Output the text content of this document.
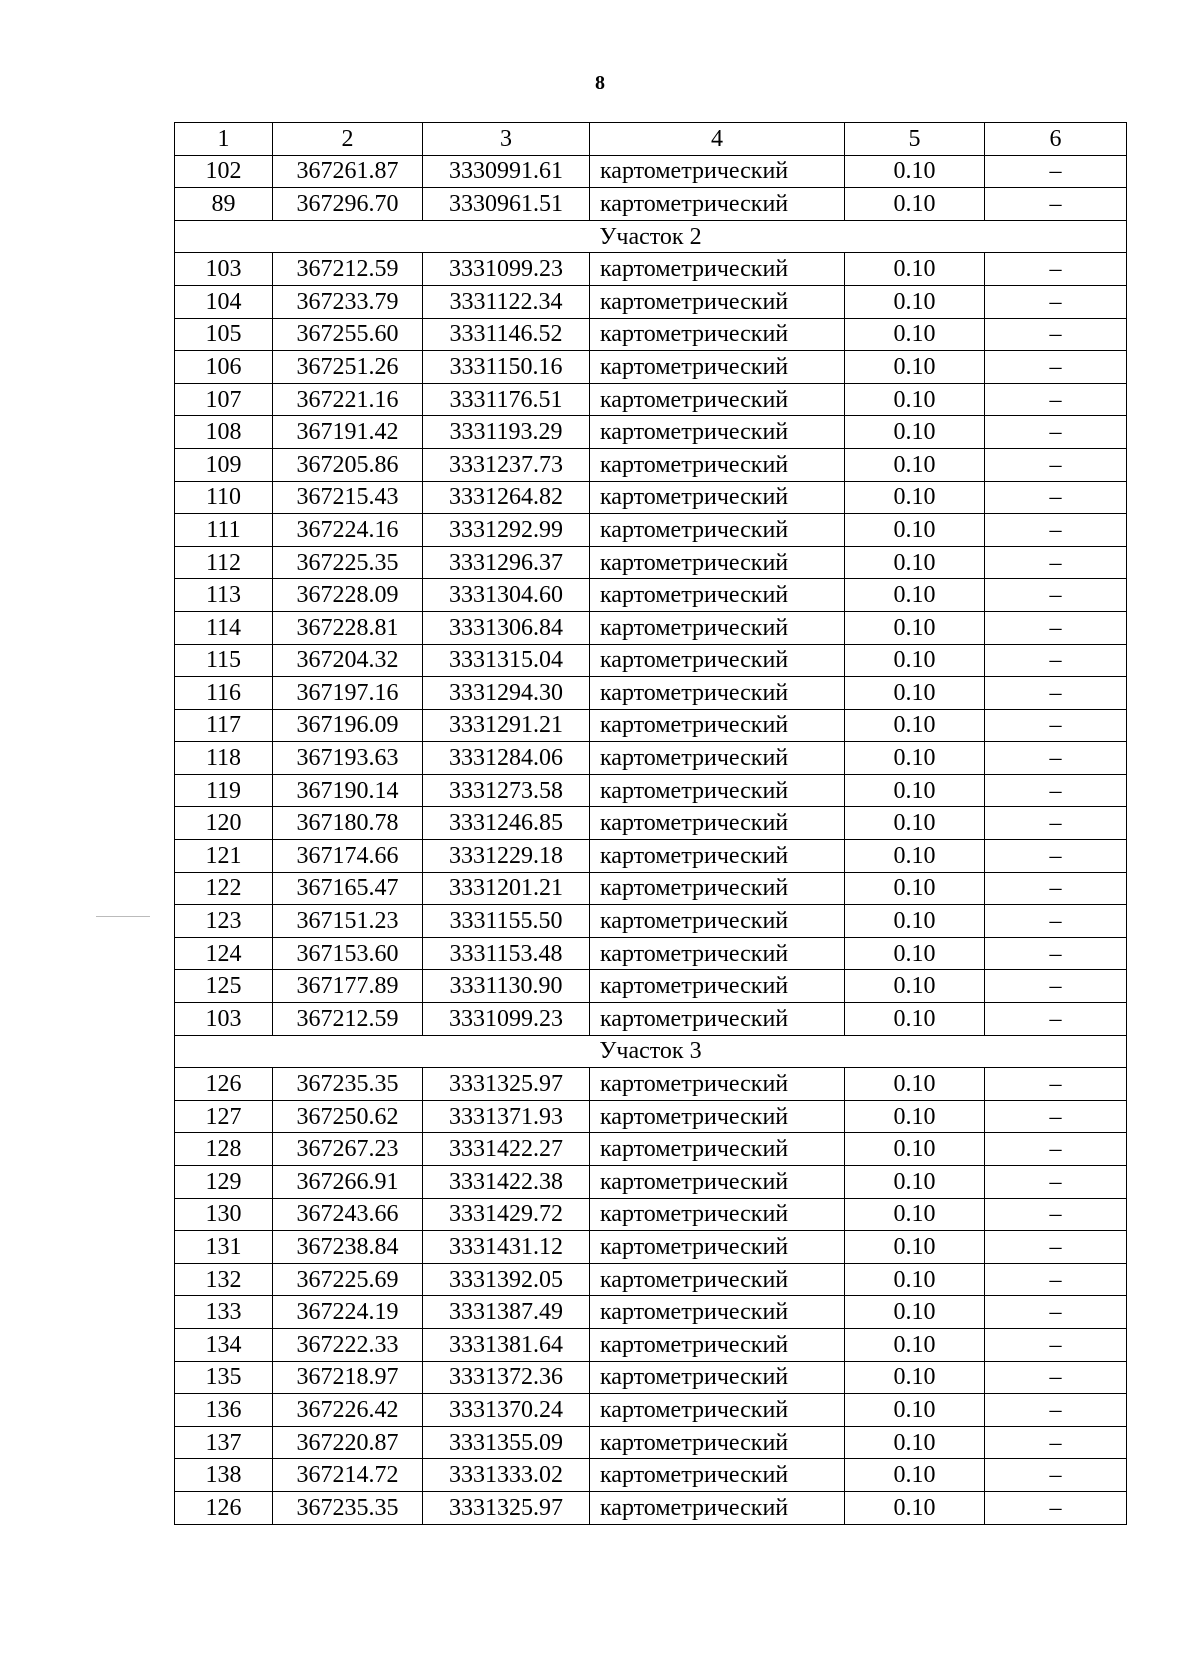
8
1	2	3	4	5	6
102	367261.87	3330991.61	картометрический	0.10	–
89	367296.70	3330961.51	картометрический	0.10	–
Участок 2					
103	367212.59	3331099.23	картометрический	0.10	–
104	367233.79	3331122.34	картометрический	0.10	–
105	367255.60	3331146.52	картометрический	0.10	–
106	367251.26	3331150.16	картометрический	0.10	–
107	367221.16	3331176.51	картометрический	0.10	–
108	367191.42	3331193.29	картометрический	0.10	–
109	367205.86	3331237.73	картометрический	0.10	–
110	367215.43	3331264.82	картометрический	0.10	–
111	367224.16	3331292.99	картометрический	0.10	–
112	367225.35	3331296.37	картометрический	0.10	–
113	367228.09	3331304.60	картометрический	0.10	–
114	367228.81	3331306.84	картометрический	0.10	–
115	367204.32	3331315.04	картометрический	0.10	–
116	367197.16	3331294.30	картометрический	0.10	–
117	367196.09	3331291.21	картометрический	0.10	–
118	367193.63	3331284.06	картометрический	0.10	–
119	367190.14	3331273.58	картометрический	0.10	–
120	367180.78	3331246.85	картометрический	0.10	–
121	367174.66	3331229.18	картометрический	0.10	–
122	367165.47	3331201.21	картометрический	0.10	–
123	367151.23	3331155.50	картометрический	0.10	–
124	367153.60	3331153.48	картометрический	0.10	–
125	367177.89	3331130.90	картометрический	0.10	–
103	367212.59	3331099.23	картометрический	0.10	–
Участок 3					
126	367235.35	3331325.97	картометрический	0.10	–
127	367250.62	3331371.93	картометрический	0.10	–
128	367267.23	3331422.27	картометрический	0.10	–
129	367266.91	3331422.38	картометрический	0.10	–
130	367243.66	3331429.72	картометрический	0.10	–
131	367238.84	3331431.12	картометрический	0.10	–
132	367225.69	3331392.05	картометрический	0.10	–
133	367224.19	3331387.49	картометрический	0.10	–
134	367222.33	3331381.64	картометрический	0.10	–
135	367218.97	3331372.36	картометрический	0.10	–
136	367226.42	3331370.24	картометрический	0.10	–
137	367220.87	3331355.09	картометрический	0.10	–
138	367214.72	3331333.02	картометрический	0.10	–
126	367235.35	3331325.97	картометрический	0.10	–
